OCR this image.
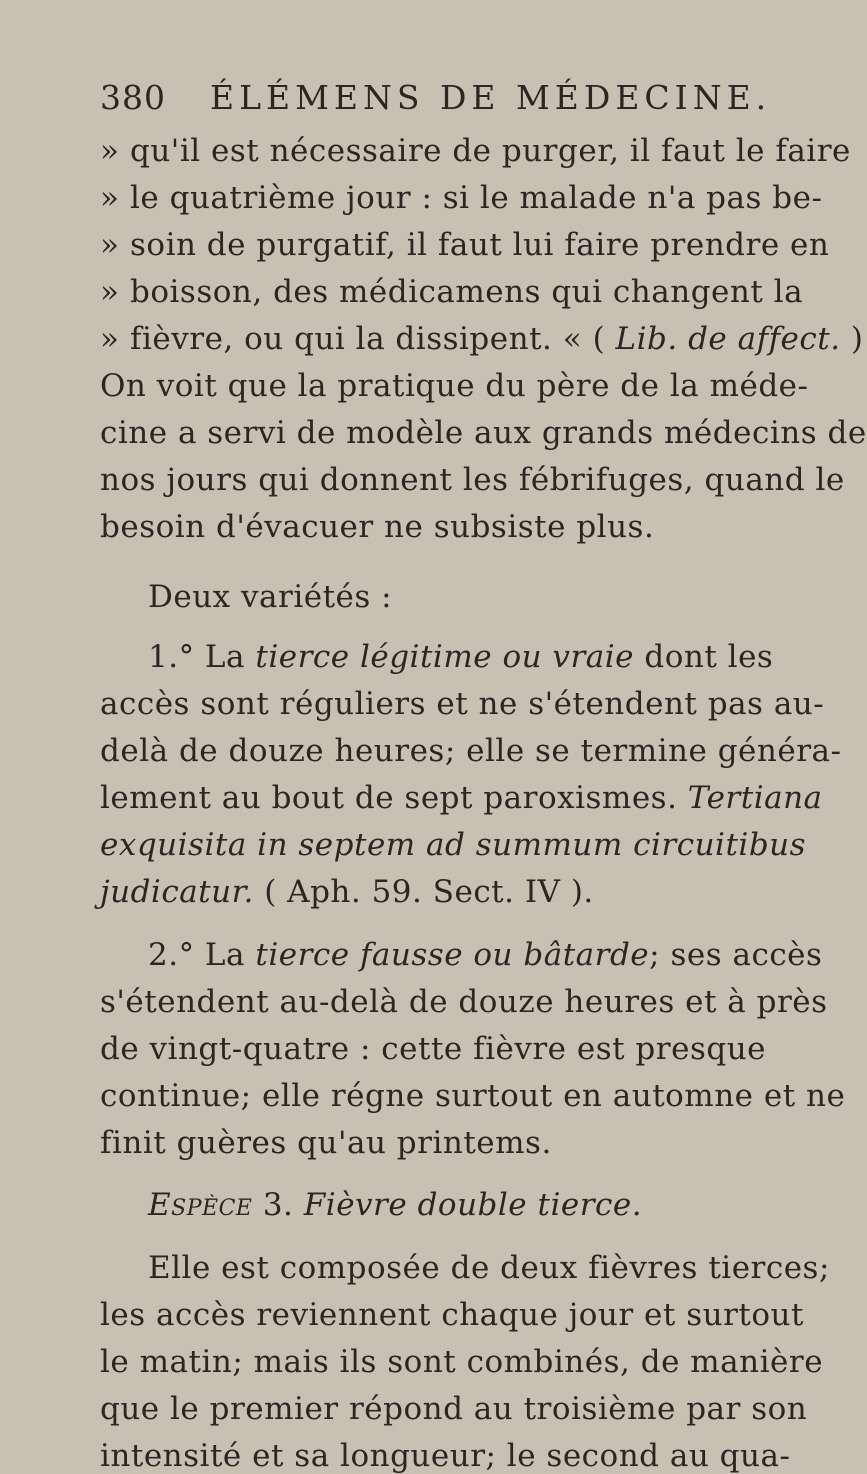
380 ÉLÉMENS DE MÉDECINE.
» qu'il est nécessaire de purger, il faut le faire
» le quatrième jour : si le malade n'a pas be-
» soin de purgatif, il faut lui faire prendre en
» boisson, des médicamens qui changent la
» fièvre, ou qui la dissipent. « ( Lib. de affect. )
On voit que la pratique du père de la méde-
cine a servi de modèle aux grands médecins de
nos jours qui donnent les fébrifuges, quand le
besoin d'évacuer ne subsiste plus.
Deux variétés :
1.° La tierce légitime ou vraie dont les
accès sont réguliers et ne s'étendent pas au-
delà de douze heures; elle se termine généra-
lement au bout de sept paroxismes. Tertiana
exquisita in septem ad summum circuitibus
judicatur. ( Aph. 59. Sect. IV ).
2.° La tierce fausse ou bâtarde; ses accès
s'étendent au-delà de douze heures et à près
de vingt-quatre : cette fièvre est presque
continue; elle régne surtout en automne et ne
finit guères qu'au printems.
Espèce 3. Fièvre double tierce.
Elle est composée de deux fièvres tierces;
les accès reviennent chaque jour et surtout
le matin; mais ils sont combinés, de manière
que le premier répond au troisième par son
intensité et sa longueur; le second au qua-
